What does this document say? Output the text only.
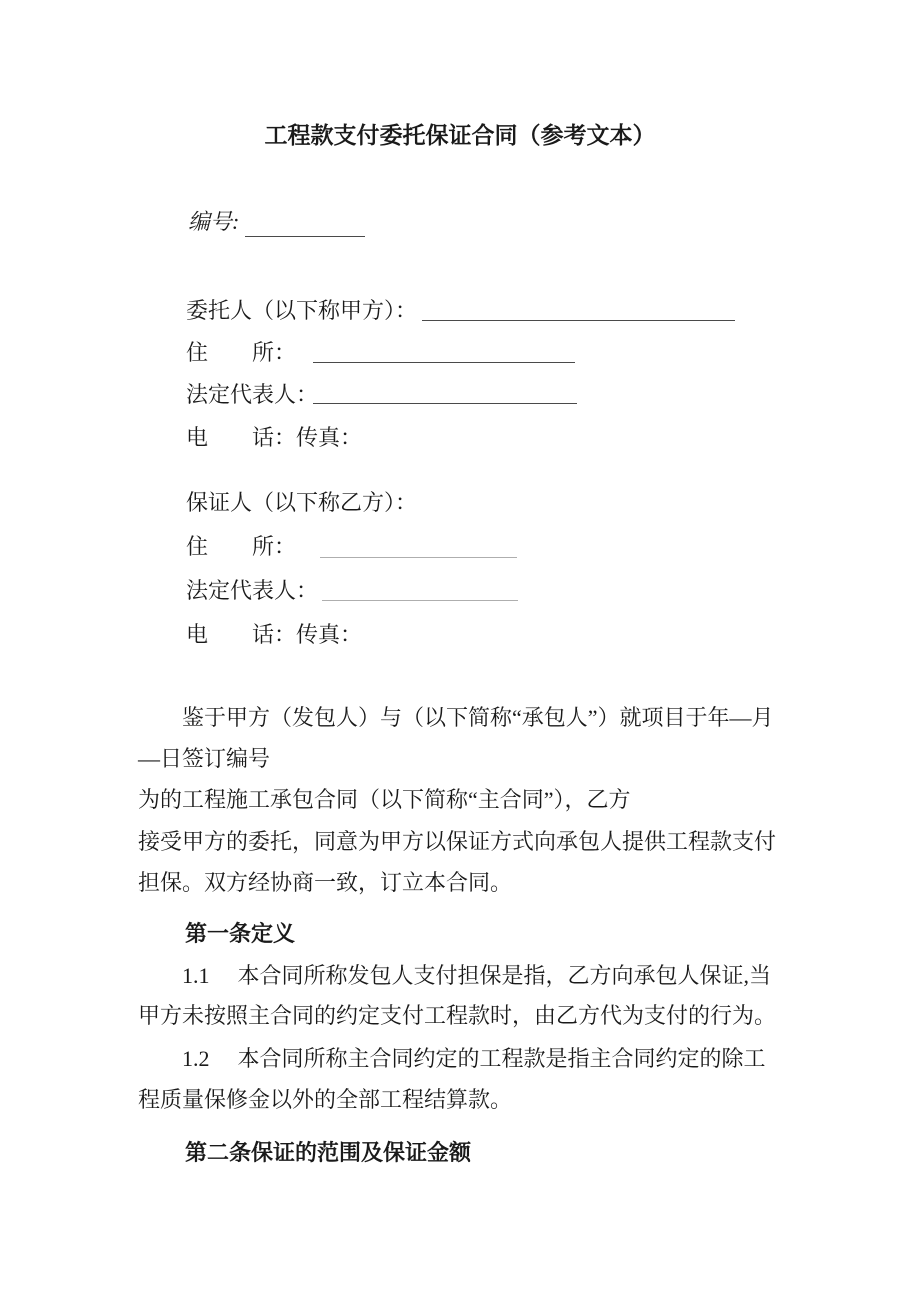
工程款支付委托保证合同（参考文本）
编号:
委托人（以下称甲方）：
住　　所：
法定代表人：
电　　话：传真：
保证人（以下称乙方）：
住　　所：
法定代表人：
电　　话：传真：
鉴于甲方（发包人）与（以下简称“承包人”）就项目于年—月
—日签订编号
为的工程施工承包合同（以下简称“主合同”），乙方
接受甲方的委托，同意为甲方以保证方式向承包人提供工程款支付
担保。双方经协商一致，订立本合同。
第一条定义
1.1 本合同所称发包人支付担保是指，乙方向承包人保证,当
甲方未按照主合同的约定支付工程款时，由乙方代为支付的行为。
1.2 本合同所称主合同约定的工程款是指主合同约定的除工
程质量保修金以外的全部工程结算款。
第二条保证的范围及保证金额
